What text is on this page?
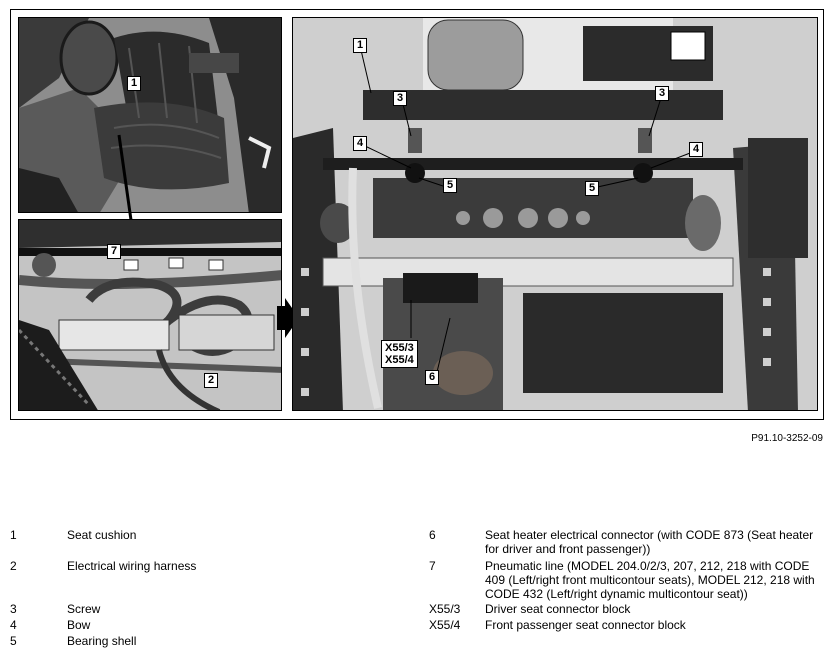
1
7
2
1
3	3
4	4
5	5
X55/3
X55/4
6
P91.10-3252-09
1	Seat cushion
2	Electrical wiring harness
3	Screw
4	Bow
5	Bearing shell
6	Seat heater electrical connector (with CODE 873 (Seat heater for driver and front passenger))
7	Pneumatic line (MODEL 204.0/2/3, 207, 212, 218 with CODE 409 (Left/right front multicontour seats), MODEL 212, 218 with CODE 432 (Left/right dynamic multicontour seat))
X55/3 Driver seat connector block
X55/4 Front passenger seat connector block
